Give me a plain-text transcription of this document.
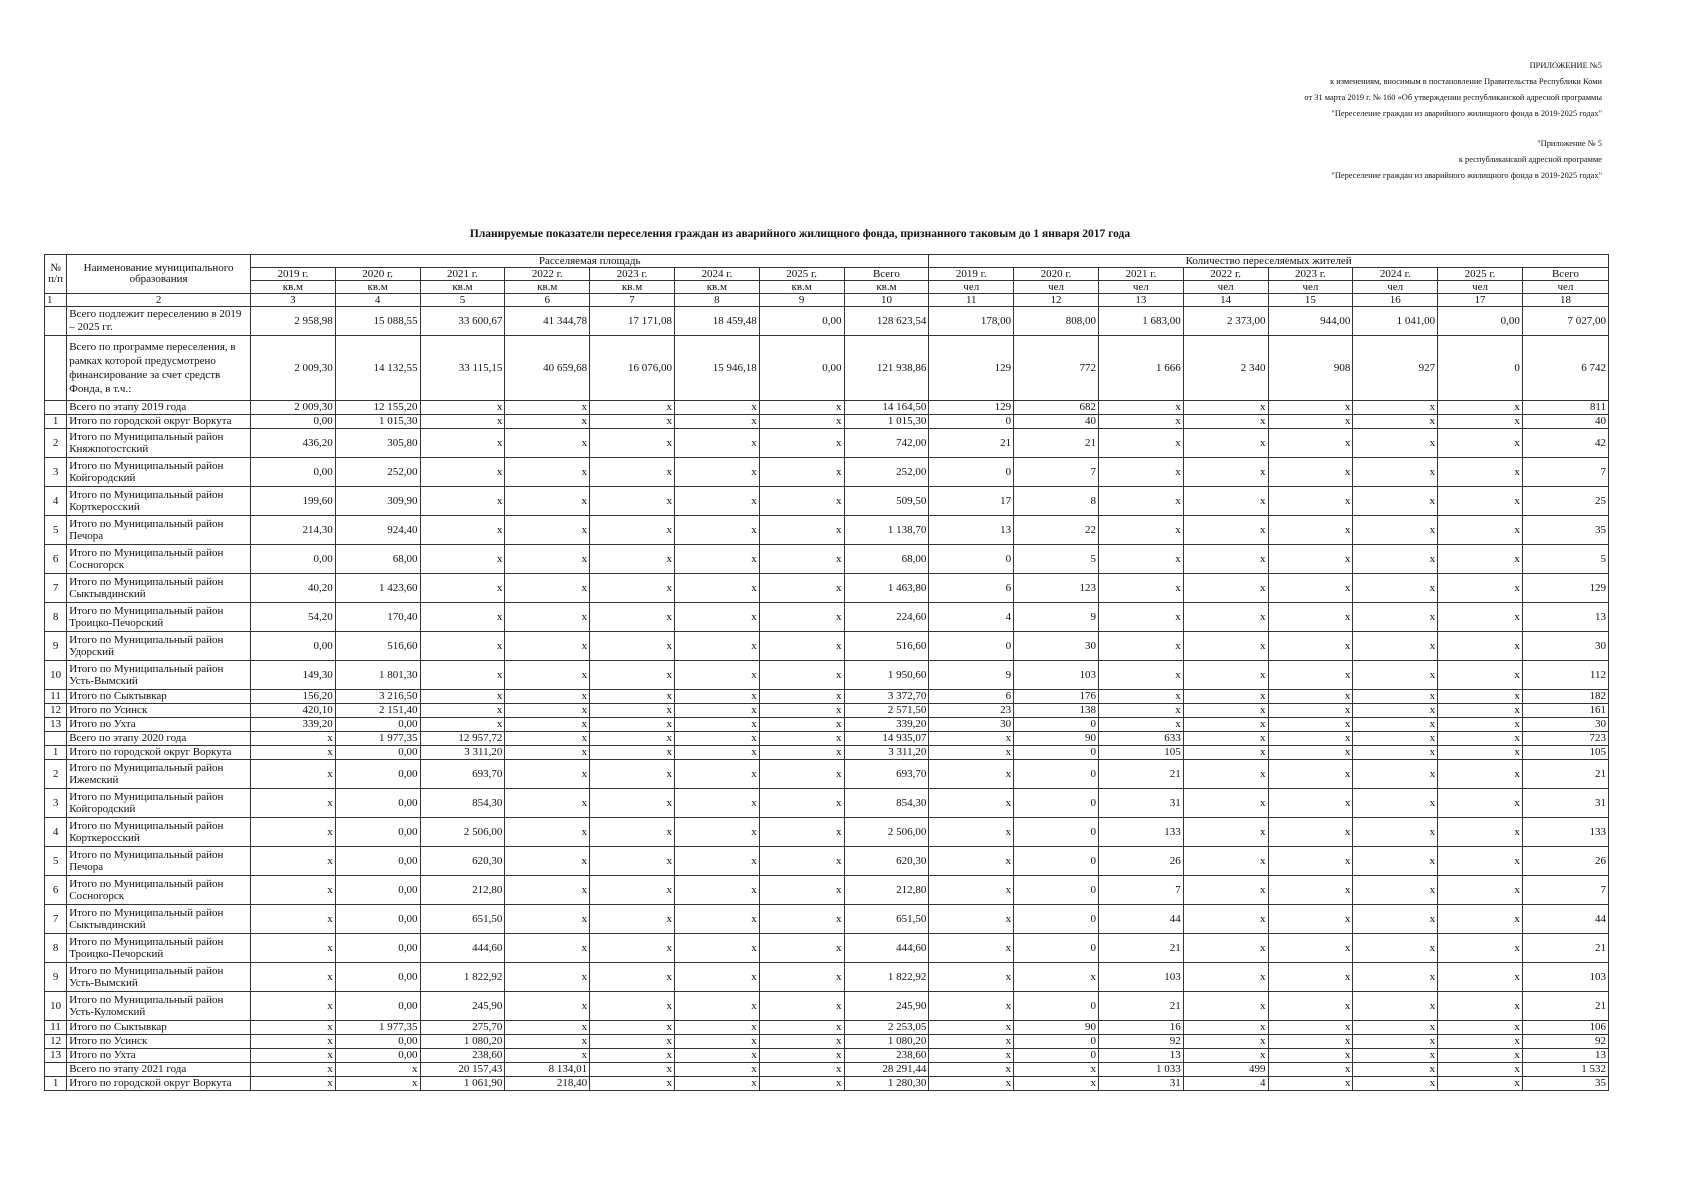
ПРИЛОЖЕНИЕ №5
к изменениям, вносимым в постановление Правительства Республики Коми
от 31 марта 2019 г. № 160 «Об утверждении республиканской адресной программы
"Переселение граждан из аварийного жилищного фонда в 2019-2025 годах"
"Приложение № 5
к республиканской адресной программе
"Переселение граждан из аварийного жилищного фонда в 2019-2025 годах"
Планируемые показатели переселения граждан из аварийного жилищного фонда, признанного таковым до 1 января 2017 года
№ п/п	Наименование муниципального образования	Расселяемая площадь								Количество переселяемых жителей							
		2019 г.	2020 г.	2021 г.	2022 г.	2023 г.	2024 г.	2025 г.	Всего	2019 г.	2020 г.	2021 г.	2022 г.	2023 г.	2024 г.	2025 г.	Всего
		кв.м	кв.м	кв.м	кв.м	кв.м	кв.м	кв.м	кв.м	чел	чел	чел	чел	чел	чел	чел	чел
1	2	3	4	5	6	7	8	9	10	11	12	13	14	15	16	17	18
	Всего подлежит переселению в 2019 – 2025 гг.	2 958,98	15 088,55	33 600,67	41 344,78	17 171,08	18 459,48	0,00	128 623,54	178,00	808,00	1 683,00	2 373,00	944,00	1 041,00	0,00	7 027,00
	Всего по программе переселения, в рамках которой предусмотрено финансирование за счет средств Фонда, в т.ч.:	2 009,30	14 132,55	33 115,15	40 659,68	16 076,00	15 946,18	0,00	121 938,86	129	772	1 666	2 340	908	927	0	6 742
	Всего по этапу 2019 года	2 009,30	12 155,20	x	x	x	x	x	14 164,50	129	682	x	x	x	x	x	811
1	Итого по городской округ Воркута	0,00	1 015,30	x	x	x	x	x	1 015,30	0	40	x	x	x	x	x	40
2	Итого по Муниципальный район Княжпогостский	436,20	305,80	x	x	x	x	x	742,00	21	21	x	x	x	x	x	42
3	Итого по Муниципальный район Койгородский	0,00	252,00	x	x	x	x	x	252,00	0	7	x	x	x	x	x	7
4	Итого по Муниципальный район Корткеросский	199,60	309,90	x	x	x	x	x	509,50	17	8	x	x	x	x	x	25
5	Итого по Муниципальный район Печора	214,30	924,40	x	x	x	x	x	1 138,70	13	22	x	x	x	x	x	35
6	Итого по Муниципальный район Сосногорск	0,00	68,00	x	x	x	x	x	68,00	0	5	x	x	x	x	x	5
7	Итого по Муниципальный район Сыктывдинский	40,20	1 423,60	x	x	x	x	x	1 463,80	6	123	x	x	x	x	x	129
8	Итого по Муниципальный район Троицко-Печорский	54,20	170,40	x	x	x	x	x	224,60	4	9	x	x	x	x	x	13
9	Итого по Муниципальный район Удорский	0,00	516,60	x	x	x	x	x	516,60	0	30	x	x	x	x	x	30
10	Итого по Муниципальный район Усть-Вымский	149,30	1 801,30	x	x	x	x	x	1 950,60	9	103	x	x	x	x	x	112
11	Итого по Сыктывкар	156,20	3 216,50	x	x	x	x	x	3 372,70	6	176	x	x	x	x	x	182
12	Итого по Усинск	420,10	2 151,40	x	x	x	x	x	2 571,50	23	138	x	x	x	x	x	161
13	Итого по Ухта	339,20	0,00	x	x	x	x	x	339,20	30	0	x	x	x	x	x	30
	Всего по этапу 2020 года	x	1 977,35	12 957,72	x	x	x	x	14 935,07	x	90	633	x	x	x	x	723
1	Итого по городской округ Воркута	x	0,00	3 311,20	x	x	x	x	3 311,20	x	0	105	x	x	x	x	105
2	Итого по Муниципальный район Ижемский	x	0,00	693,70	x	x	x	x	693,70	x	0	21	x	x	x	x	21
3	Итого по Муниципальный район Койгородский	x	0,00	854,30	x	x	x	x	854,30	x	0	31	x	x	x	x	31
4	Итого по Муниципальный район Корткеросский	x	0,00	2 506,00	x	x	x	x	2 506,00	x	0	133	x	x	x	x	133
5	Итого по Муниципальный район Печора	x	0,00	620,30	x	x	x	x	620,30	x	0	26	x	x	x	x	26
6	Итого по Муниципальный район Сосногорск	x	0,00	212,80	x	x	x	x	212,80	x	0	7	x	x	x	x	7
7	Итого по Муниципальный район Сыктывдинский	x	0,00	651,50	x	x	x	x	651,50	x	0	44	x	x	x	x	44
8	Итого по Муниципальный район Троицко-Печорский	x	0,00	444,60	x	x	x	x	444,60	x	0	21	x	x	x	x	21
9	Итого по Муниципальный район Усть-Вымский	x	0,00	1 822,92	x	x	x	x	1 822,92	x	x	103	x	x	x	x	103
10	Итого по Муниципальный район Усть-Куломский	x	0,00	245,90	x	x	x	x	245,90	x	0	21	x	x	x	x	21
11	Итого по Сыктывкар	x	1 977,35	275,70	x	x	x	x	2 253,05	x	90	16	x	x	x	x	106
12	Итого по Усинск	x	0,00	1 080,20	x	x	x	x	1 080,20	x	0	92	x	x	x	x	92
13	Итого по Ухта	x	0,00	238,60	x	x	x	x	238,60	x	0	13	x	x	x	x	13
	Всего по этапу 2021 года	x	x	20 157,43	8 134,01	x	x	x	28 291,44	x	x	1 033	499	x	x	x	1 532
1	Итого по городской округ Воркута	x	x	1 061,90	218,40	x	x	x	1 280,30	x	x	31	4	x	x	x	35
